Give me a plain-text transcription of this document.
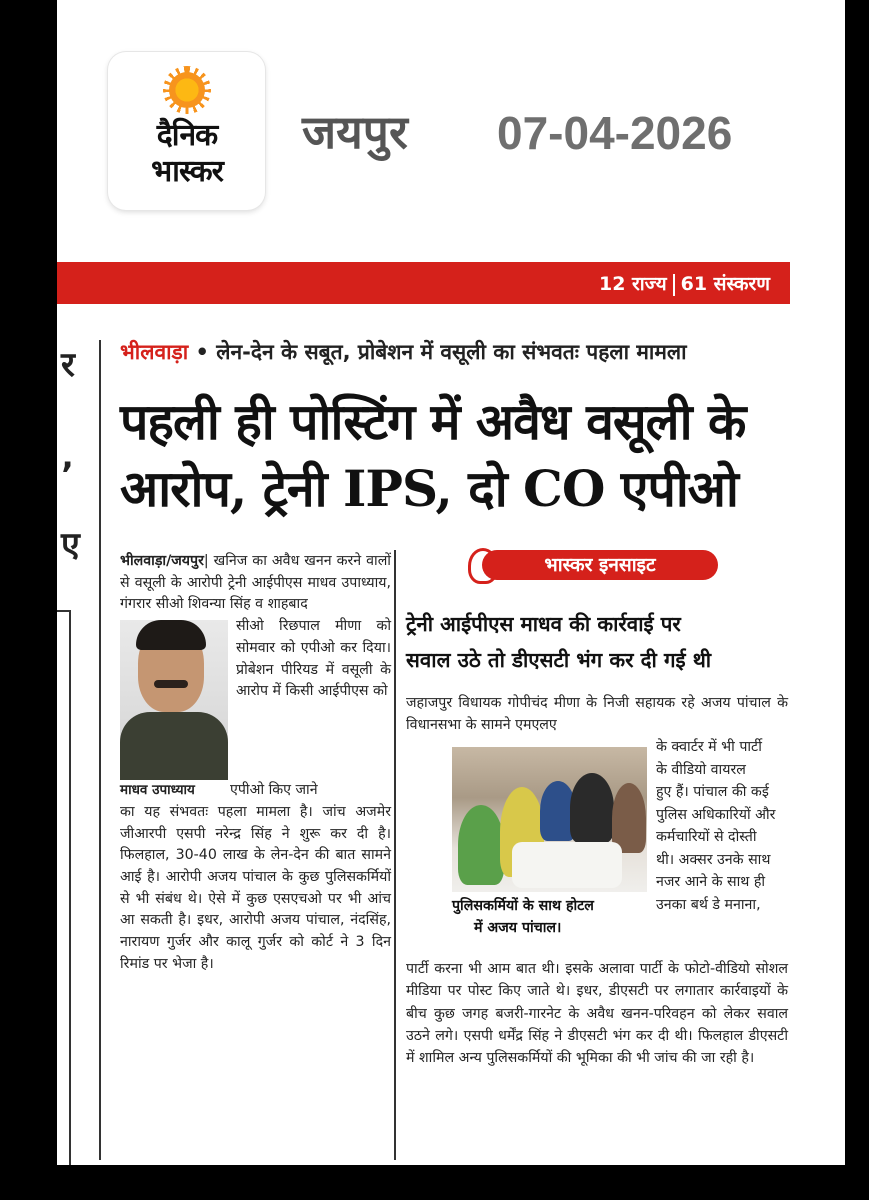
दैनिक
भास्कर
जयपुर 07-04-2026
12 राज्य 61 संस्करण
र
’
ए
भीलवाड़ा • लेन-देन के सबूत, प्रोबेशन में वसूली का संभवतः पहला मामला
पहली ही पोस्टिंग में अवैध वसूली के
आरोप, ट्रेनी IPS, दो CO एपीओ

भीलवाड़ा/जयपुर| खनिज का अवैध खनन करने वालों से वसूली के आरोपी ट्रेनी आईपीएस माधव उपाध्याय, गंगरार सीओ शिवन्या सिंह व शाहबाद

सीओ रिछपाल मीणा को सोमवार को एपीओ कर दिया। प्रोबेशन पीरियड में वसूली के आरोप में किसी आईपीएस को

माधव उपाध्याय	एपीओ किए जाने

का यह संभवतः पहला मामला है। जांच अजमेर जीआरपी एसपी नरेन्द्र सिंह ने शुरू कर दी है। फिलहाल, 30-40 लाख के लेन-देन की बात सामने आई है। आरोपी अजय पांचाल के कुछ पुलिसकर्मियों से भी संबंध थे। ऐसे में कुछ एसएचओ पर भी आंच आ सकती है। इधर, आरोपी अजय पांचाल, नंदसिंह, नारायण गुर्जर और कालू गुर्जर को कोर्ट ने 3 दिन रिमांड पर भेजा है।

भास्कर इनसाइट
ट्रेनी आईपीएस माधव की कार्रवाई पर
सवाल उठे तो डीएसटी भंग कर दी गई थी
जहाजपुर विधायक गोपीचंद मीणा के निजी सहायक रहे अजय पांचाल के विधानसभा के सामने एमएलए
पुलिसकर्मियों के साथ होटल
में अजय पांचाल।

के क्वार्टर में भी पार्टी

के वीडियो वायरल

हुए हैं। पांचाल की कई

पुलिस अधिकारियों और

कर्मचारियों से दोस्ती

थी। अक्सर उनके साथ

नजर आने के साथ ही

उनका बर्थ डे मनाना,

पार्टी करना भी आम बात थी। इसके अलावा पार्टी के फोटो-वीडियो सोशल मीडिया पर पोस्ट किए जाते थे। इधर, डीएसटी पर लगातार कार्रवाइयों के बीच कुछ जगह बजरी-गारनेट के अवैध खनन-परिवहन को लेकर सवाल उठने लगे। एसपी धर्मेंद्र सिंह ने डीएसटी भंग कर दी थी। फिलहाल डीएसटी में शामिल अन्य पुलिसकर्मियों की भूमिका की भी जांच की जा रही है।
